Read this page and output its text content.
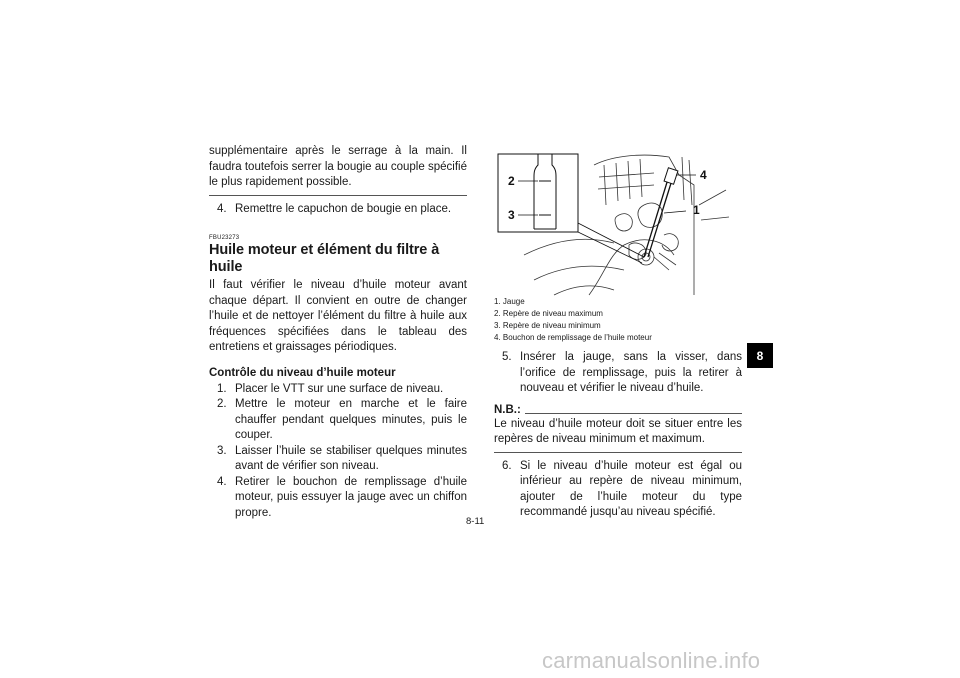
supplémentaire après le serrage à la main. Il faudra toutefois serrer la bougie au couple spécifié le plus rapidement possible.

4. Remettre le capuchon de bougie en place.
FBU23273
Huile moteur et élément du filtre à huile

Il faut vérifier le niveau d’huile moteur avant chaque départ. Il convient en outre de changer l’huile et de nettoyer l’élément du filtre à huile aux fréquences spécifiées dans le tableau des entretiens et graissages périodiques.

Contrôle du niveau d’huile moteur
1. Placer le VTT sur une surface de niveau.
2. Mettre le moteur en marche et le faire chauffer pendant quelques minutes, puis le couper.
3. Laisser l’huile se stabiliser quelques minutes avant de vérifier son niveau.
4. Retirer le bouchon de remplissage d’huile moteur, puis essuyer la jauge avec un chiffon propre.
1
2
3
4

1. Jauge

2. Repère de niveau maximum

3. Repère de niveau minimum

4. Bouchon de remplissage de l’huile moteur

5. Insérer la jauge, sans la visser, dans l’orifice de remplissage, puis la retirer à nouveau et vérifier le niveau d’huile.
N.B.:

Le niveau d’huile moteur doit se situer entre les repères de niveau minimum et maximum.

6. Si le niveau d’huile moteur est égal ou inférieur au repère de niveau minimum, ajouter de l’huile moteur du type recommandé jusqu’au niveau spécifié.
8
8-11
carmanualsonline.info
